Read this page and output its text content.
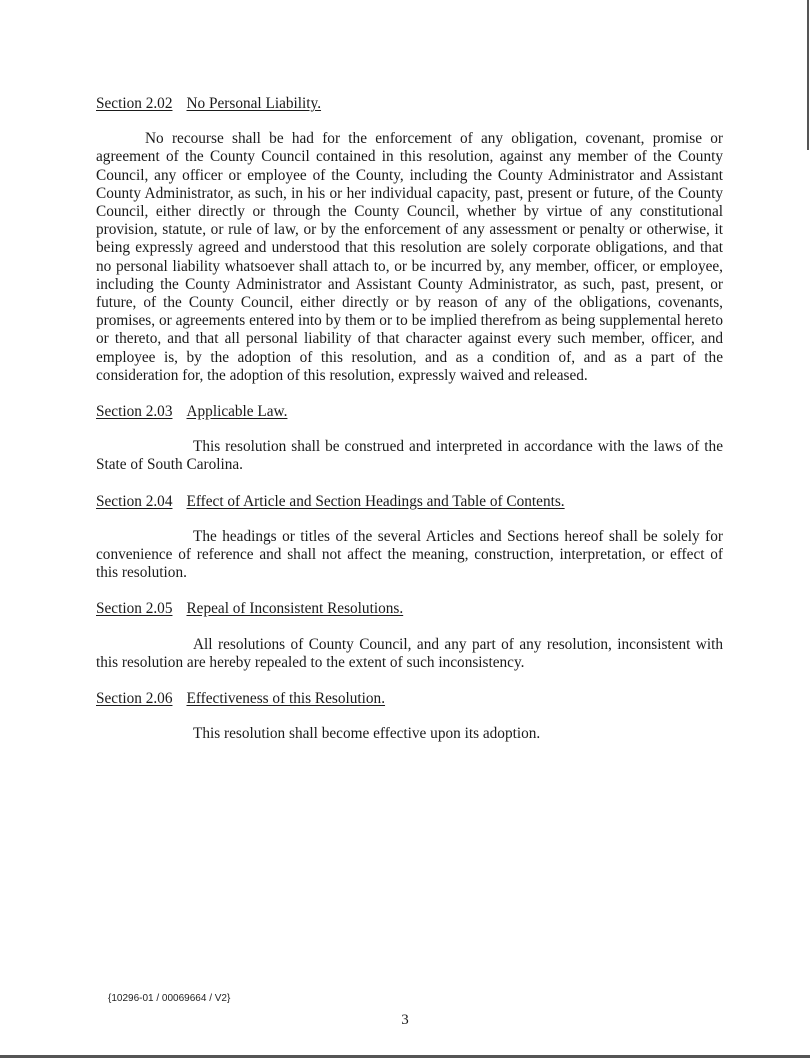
Section 2.02 No Personal Liability.

No recourse shall be had for the enforcement of any obligation, covenant, promise or agreement of the County Council contained in this resolution, against any member of the County Council, any officer or employee of the County, including the County Administrator and Assistant County Administrator, as such, in his or her individual capacity, past, present or future, of the County Council, either directly or through the County Council, whether by virtue of any constitutional provision, statute, or rule of law, or by the enforcement of any assessment or penalty or otherwise, it being expressly agreed and understood that this resolution are solely corporate obligations, and that no personal liability whatsoever shall attach to, or be incurred by, any member, officer, or employee, including the County Administrator and Assistant County Administrator, as such, past, present, or future, of the County Council, either directly or by reason of any of the obligations, covenants, promises, or agreements entered into by them or to be implied therefrom as being supplemental hereto or thereto, and that all personal liability of that character against every such member, officer, and employee is, by the adoption of this resolution, and as a condition of, and as a part of the consideration for, the adoption of this resolution, expressly waived and released.

Section 2.03 Applicable Law.

This resolution shall be construed and interpreted in accordance with the laws of the State of South Carolina.

Section 2.04 Effect of Article and Section Headings and Table of Contents.

The headings or titles of the several Articles and Sections hereof shall be solely for convenience of reference and shall not affect the meaning, construction, interpretation, or effect of this resolution.

Section 2.05 Repeal of Inconsistent Resolutions.

All resolutions of County Council, and any part of any resolution, inconsistent with this resolution are hereby repealed to the extent of such inconsistency.

Section 2.06 Effectiveness of this Resolution.

This resolution shall become effective upon its adoption.

{10296-01 / 00069664 / V2}
3
